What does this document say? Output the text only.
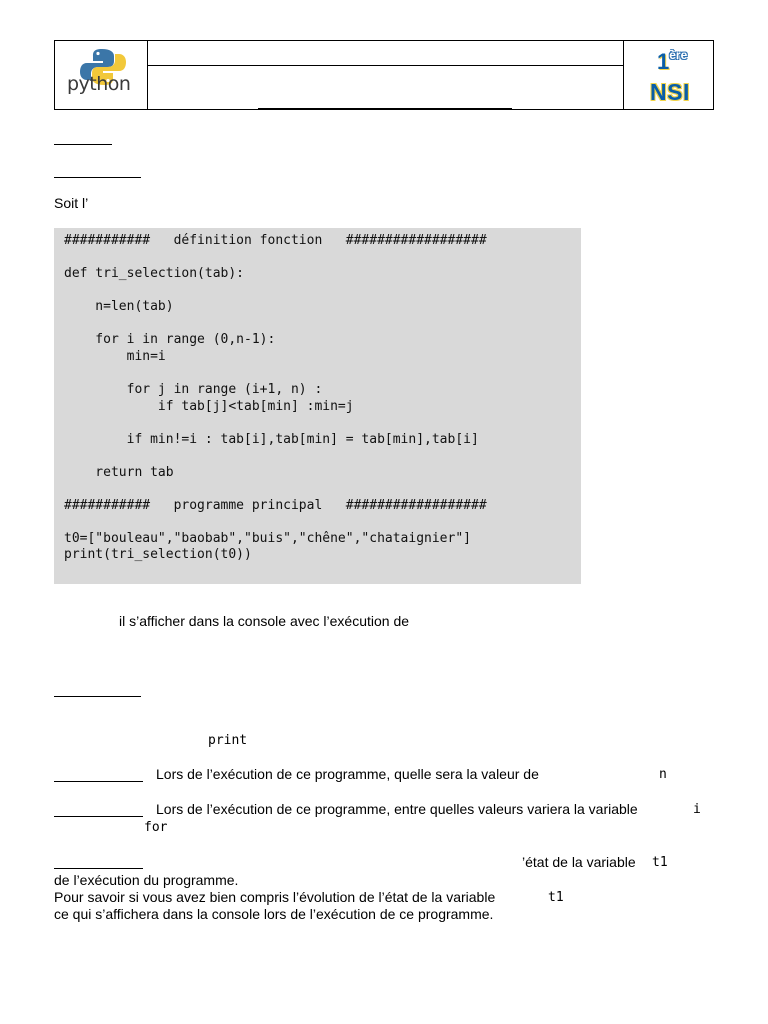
python
1ère
NSI
Soit l’
###########   définition fonction   ##################
def tri_selection(tab):
n=len(tab)
for i in range (0,n-1):
min=i
for j in range (i+1, n) :
if tab[j]<tab[min] :min=j
if min!=i : tab[i],tab[min] = tab[min],tab[i]
return tab
###########   programme principal   ##################
t0=["bouleau","baobab","buis","chêne","chataignier"]
print(tri_selection(t0))
il s’afficher dans la console avec l’exécution de
print
Lors de l’exécution de ce programme, quelle sera la valeur de	n
Lors de l’exécution de ce programme, entre quelles valeurs variera la variable	i
for
’état de la variable t1
de l’exécution du programme.
Pour savoir si vous avez bien compris l’évolution de l’état de la variable	t1
ce qui s’affichera dans la console lors de l’exécution de ce programme.
